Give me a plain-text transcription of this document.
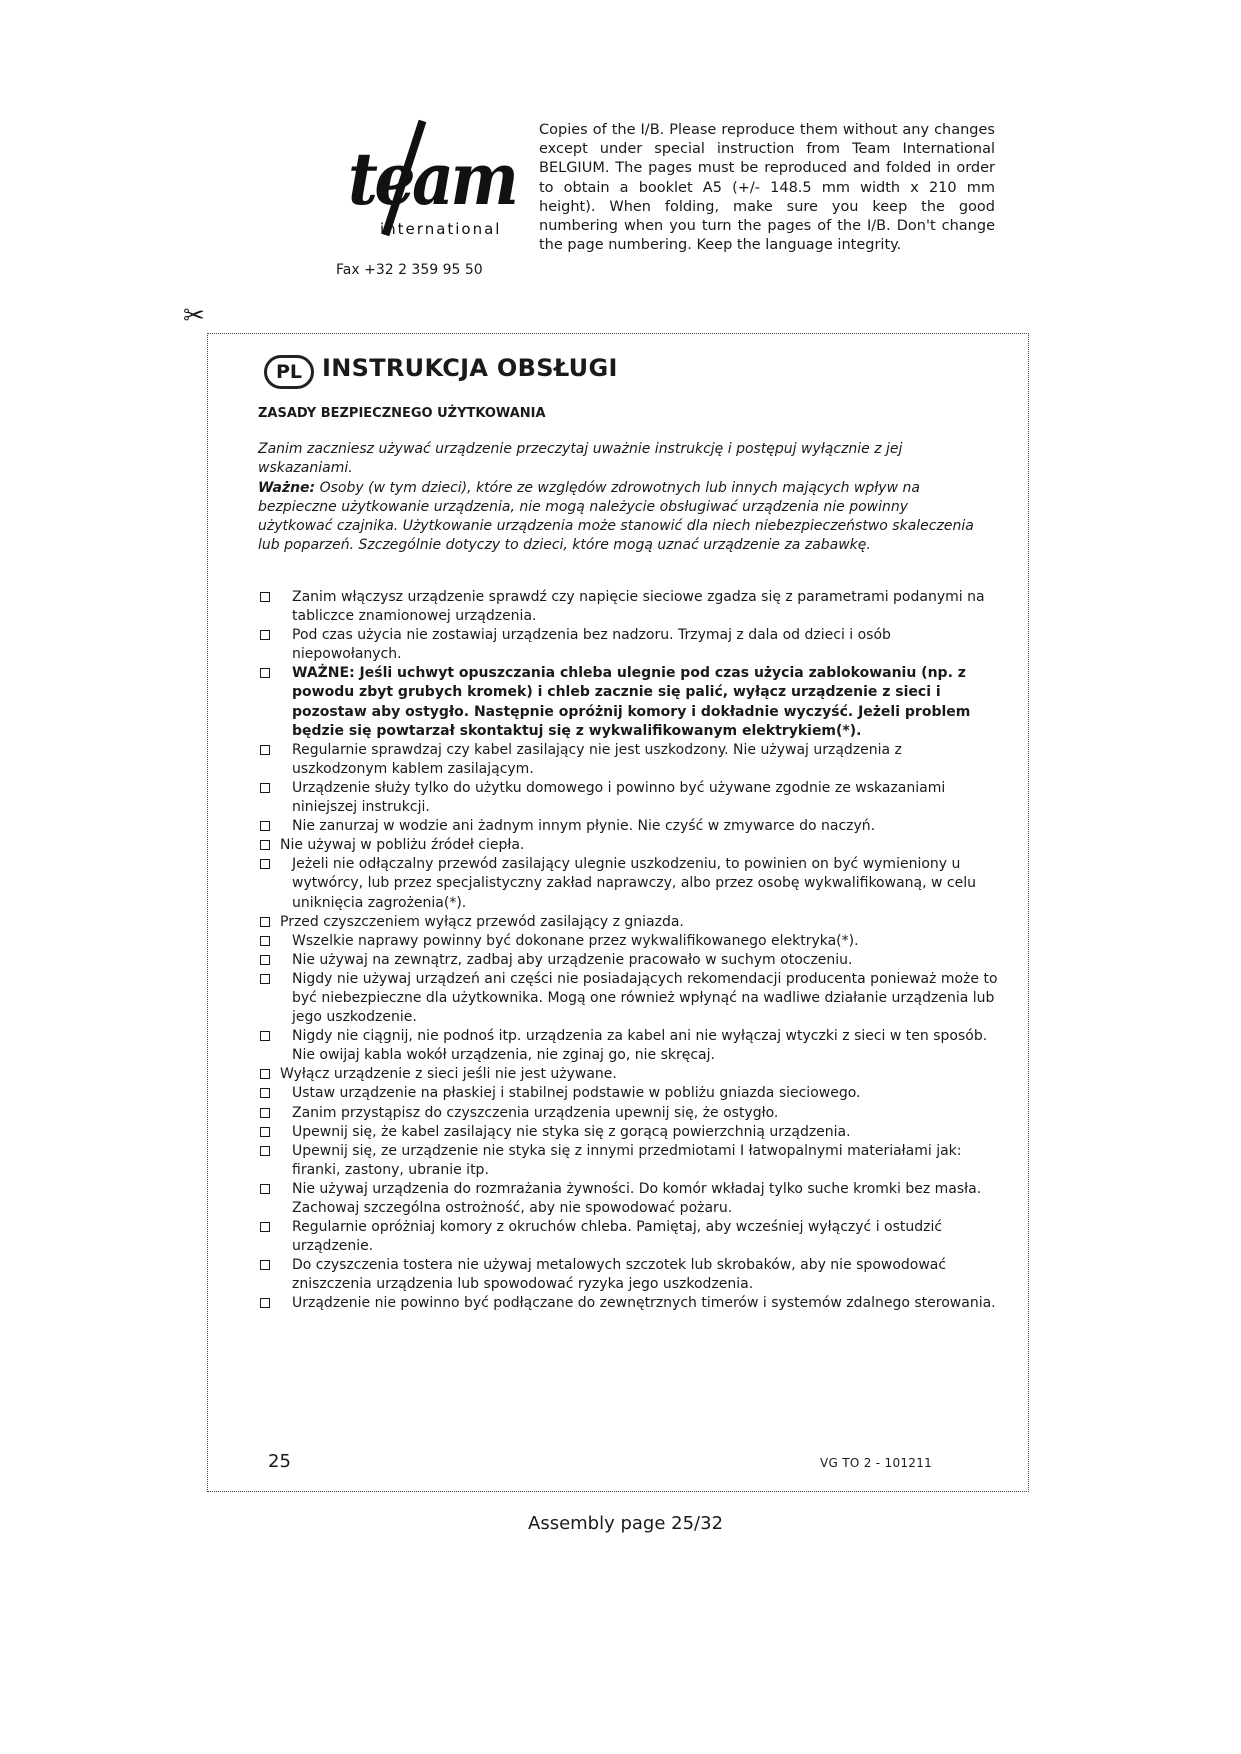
team
international
Fax +32 2 359 95 50
Copies of the I/B. Please reproduce them without any changes except under special instruction from Team International BELGIUM. The pages must be reproduced and folded in order to obtain a booklet A5 (+/- 148.5 mm width x 210 mm height). When folding, make sure you keep the good numbering when you turn the pages of the I/B. Don't change the page numbering. Keep the language integrity.
✂
PL INSTRUKCJA OBSŁUGI
ZASADY BEZPIECZNEGO UŻYTKOWANIA
Zanim zaczniesz używać urządzenie przeczytaj uważnie instrukcję i postępuj wyłącznie z jej wskazaniami.
Ważne: Osoby (w tym dzieci), które ze względów zdrowotnych lub innych mających wpływ na bezpieczne użytkowanie urządzenia, nie mogą należycie obsługiwać urządzenia nie powinny użytkować czajnika. Użytkowanie urządzenia może stanowić dla niech niebezpieczeństwo skaleczenia lub poparzeń. Szczególnie dotyczy to dzieci, które mogą uznać urządzenie za zabawkę.
Zanim włączysz urządzenie sprawdź czy napięcie sieciowe zgadza się z parametrami podanymi na tabliczce znamionowej urządzenia.
Pod czas użycia nie zostawiaj urządzenia bez nadzoru. Trzymaj z dala od dzieci i osób niepowołanych.
WAŻNE: Jeśli uchwyt opuszczania chleba ulegnie pod czas użycia zablokowaniu (np. z powodu zbyt grubych kromek) i chleb zacznie się palić, wyłącz urządzenie z sieci i pozostaw aby ostygło. Następnie opróżnij komory i dokładnie wyczyść. Jeżeli problem będzie się powtarzał skontaktuj się z wykwalifikowanym elektrykiem(*).
Regularnie sprawdzaj czy kabel zasilający nie jest uszkodzony. Nie używaj urządzenia z uszkodzonym kablem zasilającym.
Urządzenie służy tylko do użytku domowego i powinno być używane zgodnie ze wskazaniami niniejszej instrukcji.
Nie zanurzaj w wodzie ani żadnym innym płynie. Nie czyść w zmywarce do naczyń.
Nie używaj w pobliżu źródeł ciepła.
Jeżeli nie odłączalny przewód zasilający ulegnie uszkodzeniu, to powinien on być wymieniony u wytwórcy, lub przez specjalistyczny zakład naprawczy, albo przez osobę wykwalifikowaną, w celu uniknięcia zagrożenia(*).
Przed czyszczeniem wyłącz przewód zasilający z gniazda.
Wszelkie naprawy powinny być dokonane przez wykwalifikowanego elektryka(*).
Nie używaj na zewnątrz, zadbaj aby urządzenie pracowało w suchym otoczeniu.
Nigdy nie używaj urządzeń ani części nie posiadających rekomendacji producenta ponieważ może to być niebezpieczne dla użytkownika. Mogą one również wpłynąć na wadliwe działanie urządzenia lub jego uszkodzenie.
Nigdy nie ciągnij, nie podnoś itp. urządzenia za kabel ani nie wyłączaj wtyczki z sieci w ten sposób. Nie owijaj kabla wokół urządzenia, nie zginaj go, nie skręcaj.
Wyłącz urządzenie z sieci jeśli nie jest używane.
Ustaw urządzenie na płaskiej i stabilnej podstawie w pobliżu gniazda sieciowego.
Zanim przystąpisz do czyszczenia urządzenia upewnij się, że ostygło.
Upewnij się, że kabel zasilający nie styka się z gorącą powierzchnią urządzenia.
Upewnij się, ze urządzenie nie styka się z innymi przedmiotami I łatwopalnymi materiałami jak: firanki, zastony, ubranie itp.
Nie używaj urządzenia do rozmrażania żywności. Do komór wkładaj tylko suche kromki bez masła. Zachowaj szczególna ostrożność, aby nie spowodować pożaru.
Regularnie opróżniaj komory z okruchów chleba. Pamiętaj, aby wcześniej wyłączyć i ostudzić urządzenie.
Do czyszczenia tostera nie używaj metalowych szczotek lub skrobaków, aby nie spowodować zniszczenia urządzenia lub spowodować ryzyka jego uszkodzenia.
Urządzenie nie powinno być podłączane do zewnętrznych timerów i systemów zdalnego sterowania.
25	VG TO 2 - 101211
Assembly page 25/32
